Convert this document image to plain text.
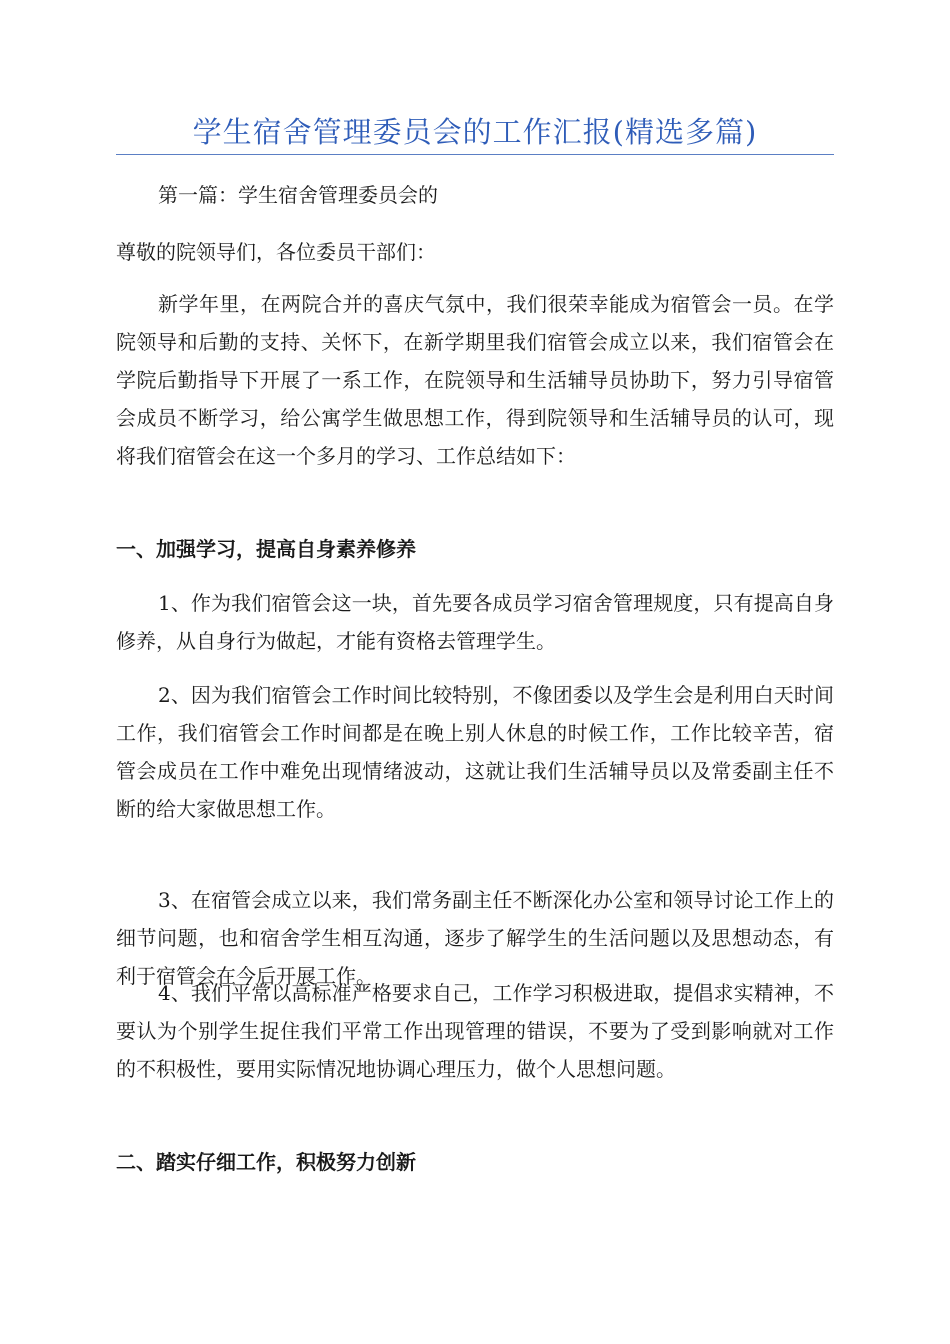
学生宿舍管理委员会的工作汇报(精选多篇)

第一篇：学生宿舍管理委员会的

尊敬的院领导们，各位委员干部们：

新学年里，在两院合并的喜庆气氛中，我们很荣幸能成为宿管会一员。在学院领导和后勤的支持、关怀下，在新学期里我们宿管会成立以来，我们宿管会在学院后勤指导下开展了一系工作，在院领导和生活辅导员协助下，努力引导宿管会成员不断学习，给公寓学生做思想工作，得到院领导和生活辅导员的认可，现将我们宿管会在这一个多月的学习、工作总结如下：

一、加强学习，提高自身素养修养

1、作为我们宿管会这一块，首先要各成员学习宿舍管理规度，只有提高自身修养，从自身行为做起，才能有资格去管理学生。

2、因为我们宿管会工作时间比较特别，不像团委以及学生会是利用白天时间工作，我们宿管会工作时间都是在晚上别人休息的时候工作，工作比较辛苦，宿管会成员在工作中难免出现情绪波动，这就让我们生活辅导员以及常委副主任不断的给大家做思想工作。

3、在宿管会成立以来，我们常务副主任不断深化办公室和领导讨论工作上的细节问题，也和宿舍学生相互沟通，逐步了解学生的生活问题以及思想动态，有利于宿管会在今后开展工作。

4、我们平常以高标准严格要求自己，工作学习积极进取，提倡求实精神，不要认为个别学生捉住我们平常工作出现管理的错误，不要为了受到影响就对工作的不积极性，要用实际情况地协调心理压力，做个人思想问题。

二、踏实仔细工作，积极努力创新
